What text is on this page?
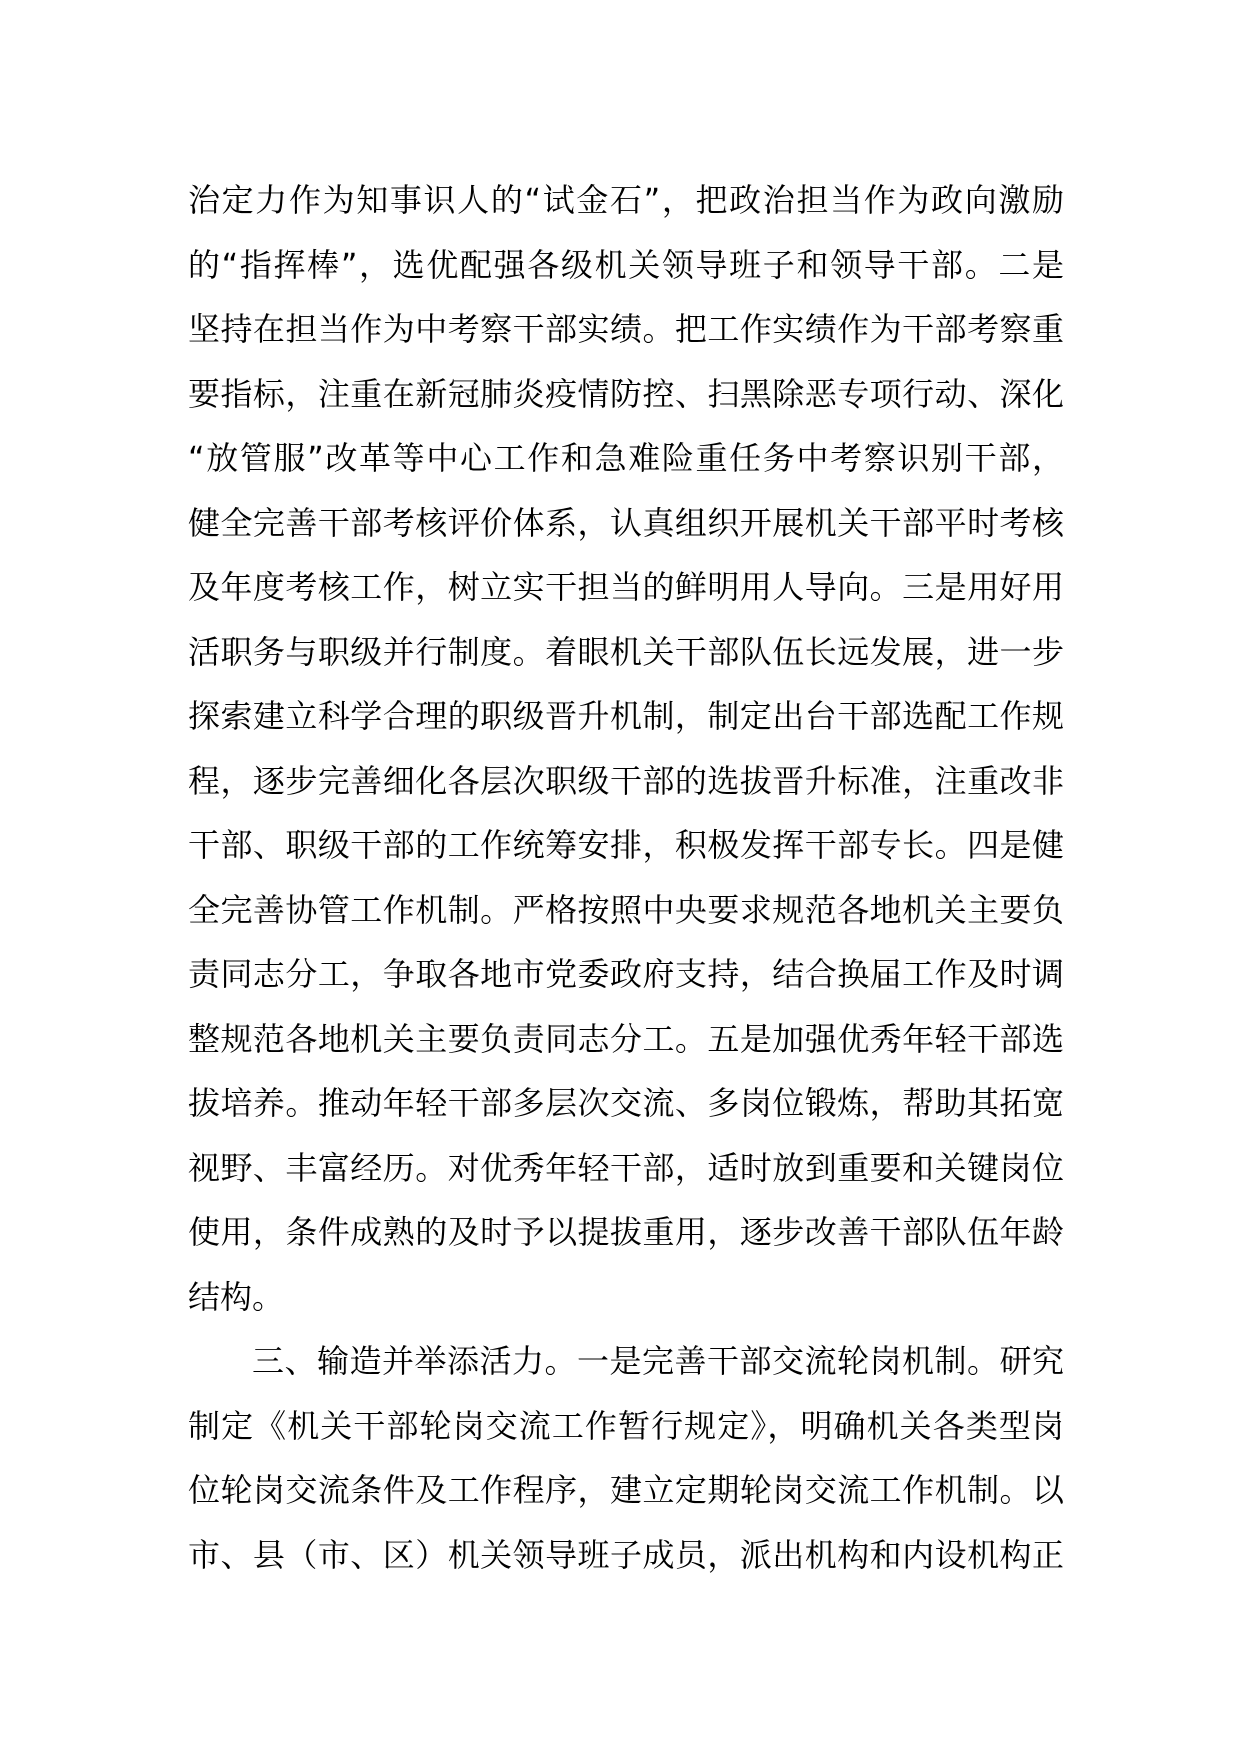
治定力作为知事识人的“试金石”，把政治担当作为政向激励
的“指挥棒”，选优配强各级机关领导班子和领导干部。二是
坚持在担当作为中考察干部实绩。把工作实绩作为干部考察重
要指标，注重在新冠肺炎疫情防控、扫黑除恶专项行动、深化
“放管服”改革等中心工作和急难险重任务中考察识别干部，
健全完善干部考核评价体系，认真组织开展机关干部平时考核
及年度考核工作，树立实干担当的鲜明用人导向。三是用好用
活职务与职级并行制度。着眼机关干部队伍长远发展，进一步
探索建立科学合理的职级晋升机制，制定出台干部选配工作规
程，逐步完善细化各层次职级干部的选拔晋升标准，注重改非
干部、职级干部的工作统筹安排，积极发挥干部专长。四是健
全完善协管工作机制。严格按照中央要求规范各地机关主要负
责同志分工，争取各地市党委政府支持，结合换届工作及时调
整规范各地机关主要负责同志分工。五是加强优秀年轻干部选
拔培养。推动年轻干部多层次交流、多岗位锻炼，帮助其拓宽
视野、丰富经历。对优秀年轻干部，适时放到重要和关键岗位
使用，条件成熟的及时予以提拔重用，逐步改善干部队伍年龄
结构。
三、输造并举添活力。一是完善干部交流轮岗机制。研究
制定《机关干部轮岗交流工作暂行规定》，明确机关各类型岗
位轮岗交流条件及工作程序，建立定期轮岗交流工作机制。以
市、县（市、区）机关领导班子成员，派出机构和内设机构正
